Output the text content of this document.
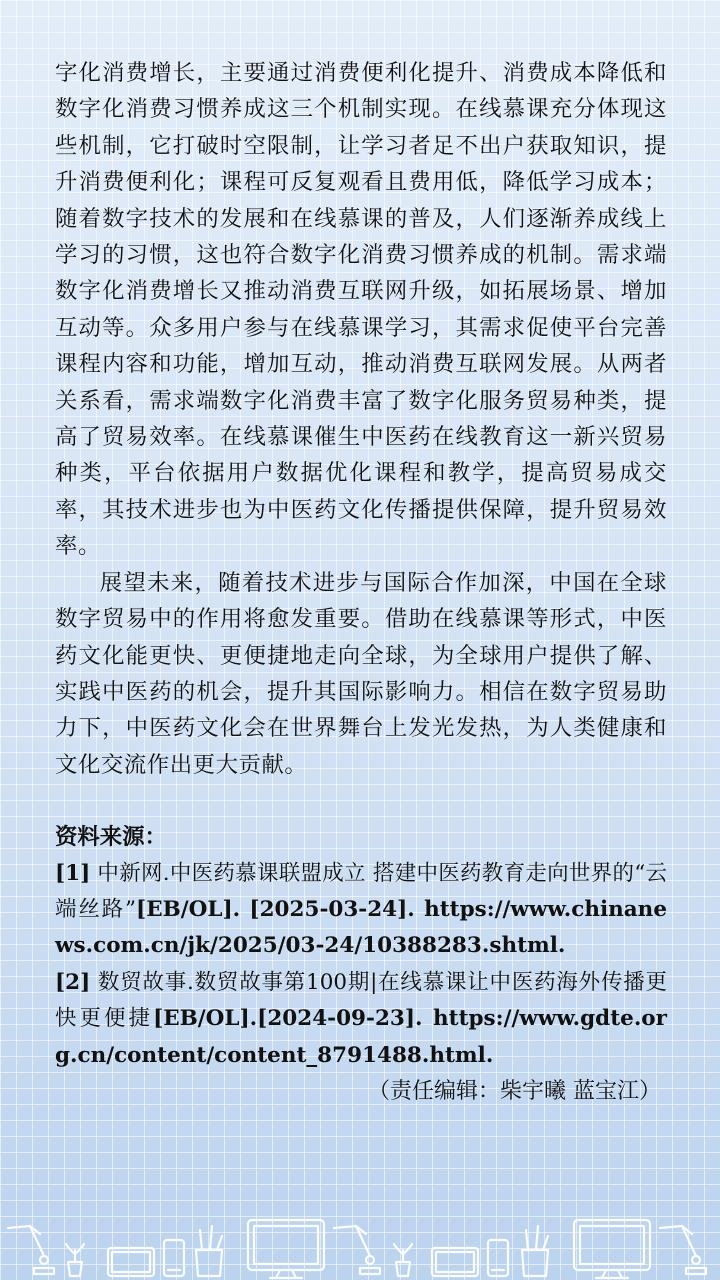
字化消费增长，主要通过消费便利化提升、消费成本降低和数字化消费习惯养成这三个机制实现。在线慕课充分体现这些机制，它打破时空限制，让学习者足不出户获取知识，提升消费便利化；课程可反复观看且费用低，降低学习成本；随着数字技术的发展和在线慕课的普及，人们逐渐养成线上学习的习惯，这也符合数字化消费习惯养成的机制。需求端数字化消费增长又推动消费互联网升级，如拓展场景、增加互动等。众多用户参与在线慕课学习，其需求促使平台完善课程内容和功能，增加互动，推动消费互联网发展。从两者关系看，需求端数字化消费丰富了数字化服务贸易种类，提高了贸易效率。在线慕课催生中医药在线教育这一新兴贸易种类，平台依据用户数据优化课程和教学，提高贸易成交率，其技术进步也为中医药文化传播提供保障，提升贸易效率。

展望未来，随着技术进步与国际合作加深，中国在全球数字贸易中的作用将愈发重要。借助在线慕课等形式，中医药文化能更快、更便捷地走向全球，为全球用户提供了解、实践中医药的机会，提升其国际影响力。相信在数字贸易助力下，中医药文化会在世界舞台上发光发热，为人类健康和文化交流作出更大贡献。

资料来源：

[1] 中新网.中医药慕课联盟成立 搭建中医药教育走向世界的“云端丝路”[EB/OL]. [2025-03-24]. https://www.chinanews.com.cn/jk/2025/03-24/10388283.shtml.

[2] 数贸故事.数贸故事第100期|在线慕课让中医药海外传播更快更便捷[EB/OL].[2024-09-23]. https://www.gdte.org.cn/content/content_8791488.html.

（责任编辑：柴宇曦 蓝宝江）
